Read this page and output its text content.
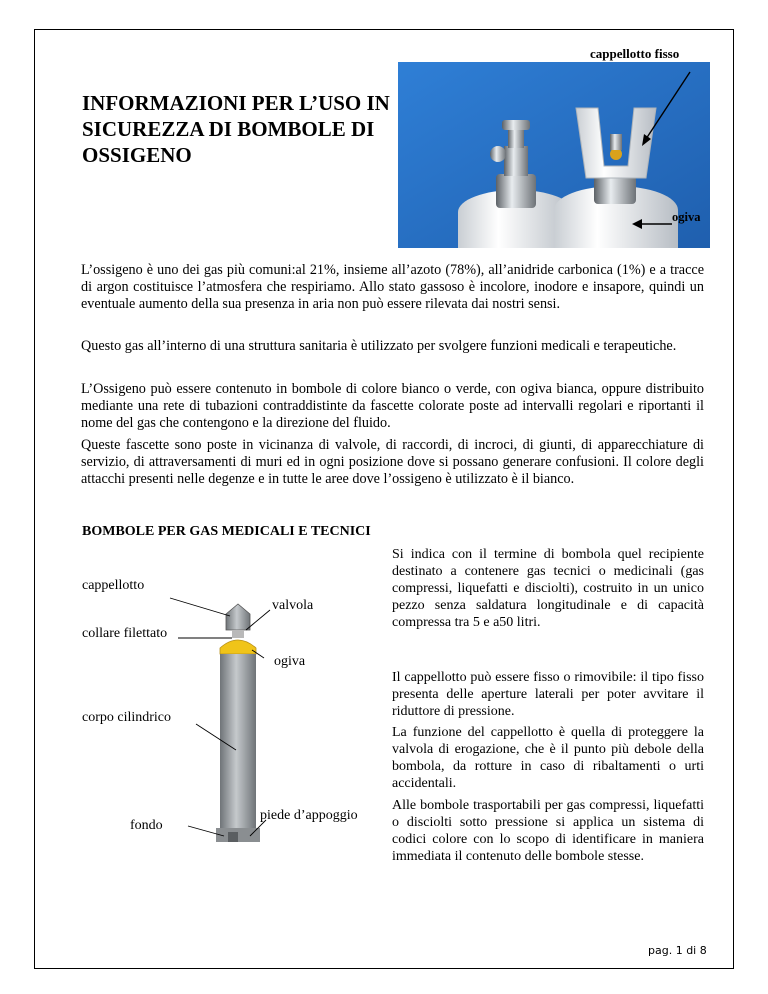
INFORMAZIONI PER L’USO IN SICUREZZA DI BOMBOLE DI OSSIGENO
cappellotto fisso
ogiva

L’ossigeno è uno dei gas più comuni:al 21%, insieme all’azoto (78%), all’anidride carbonica (1%) e a tracce di argon costituisce l’atmosfera che respiriamo. Allo stato gassoso è incolore, inodore e insapore, quindi un eventuale aumento della sua presenza in aria non può essere rilevata dai nostri sensi.

Questo gas all’interno di una struttura sanitaria è utilizzato per svolgere funzioni medicali e terapeutiche.

L’Ossigeno può essere contenuto in bombole di colore bianco o verde, con ogiva bianca, oppure distribuito mediante una rete di tubazioni contraddistinte da fascette colorate poste ad intervalli regolari e riportanti il nome del gas che contengono e la direzione del fluido.

Queste fascette sono poste in vicinanza di valvole, di raccordi, di incroci, di giunti, di apparecchiature di servizio, di attraversamenti di muri ed in ogni posizione dove si possano generare confusioni. Il colore degli attacchi presenti nelle degenze e in tutte le aree dove l’ossigeno è utilizzato è il bianco.

BOMBOLE PER GAS MEDICALI E TECNICI
cappellotto
valvola
collare filettato
ogiva
corpo cilindrico
fondo
piede d’appoggio

Si indica con il termine di bombola quel recipiente destinato a contenere gas tecnici o medicinali (gas compressi, liquefatti e disciolti), costruito in un unico pezzo senza saldatura longitudinale e di capacità compressa tra 5 e a50 litri.

Il cappellotto può essere fisso o rimovibile: il tipo fisso presenta delle aperture laterali per poter avvitare il riduttore di pressione.

La funzione del cappellotto è quella di proteggere la valvola di erogazione, che è il punto più debole della bombola, da rotture in caso di ribaltamenti o urti accidentali.

Alle bombole trasportabili per gas compressi, liquefatti o disciolti sotto pressione si applica un sistema di codici colore con lo scopo di identificare in maniera immediata il contenuto delle bombole stesse.

pag. 1 di 8
